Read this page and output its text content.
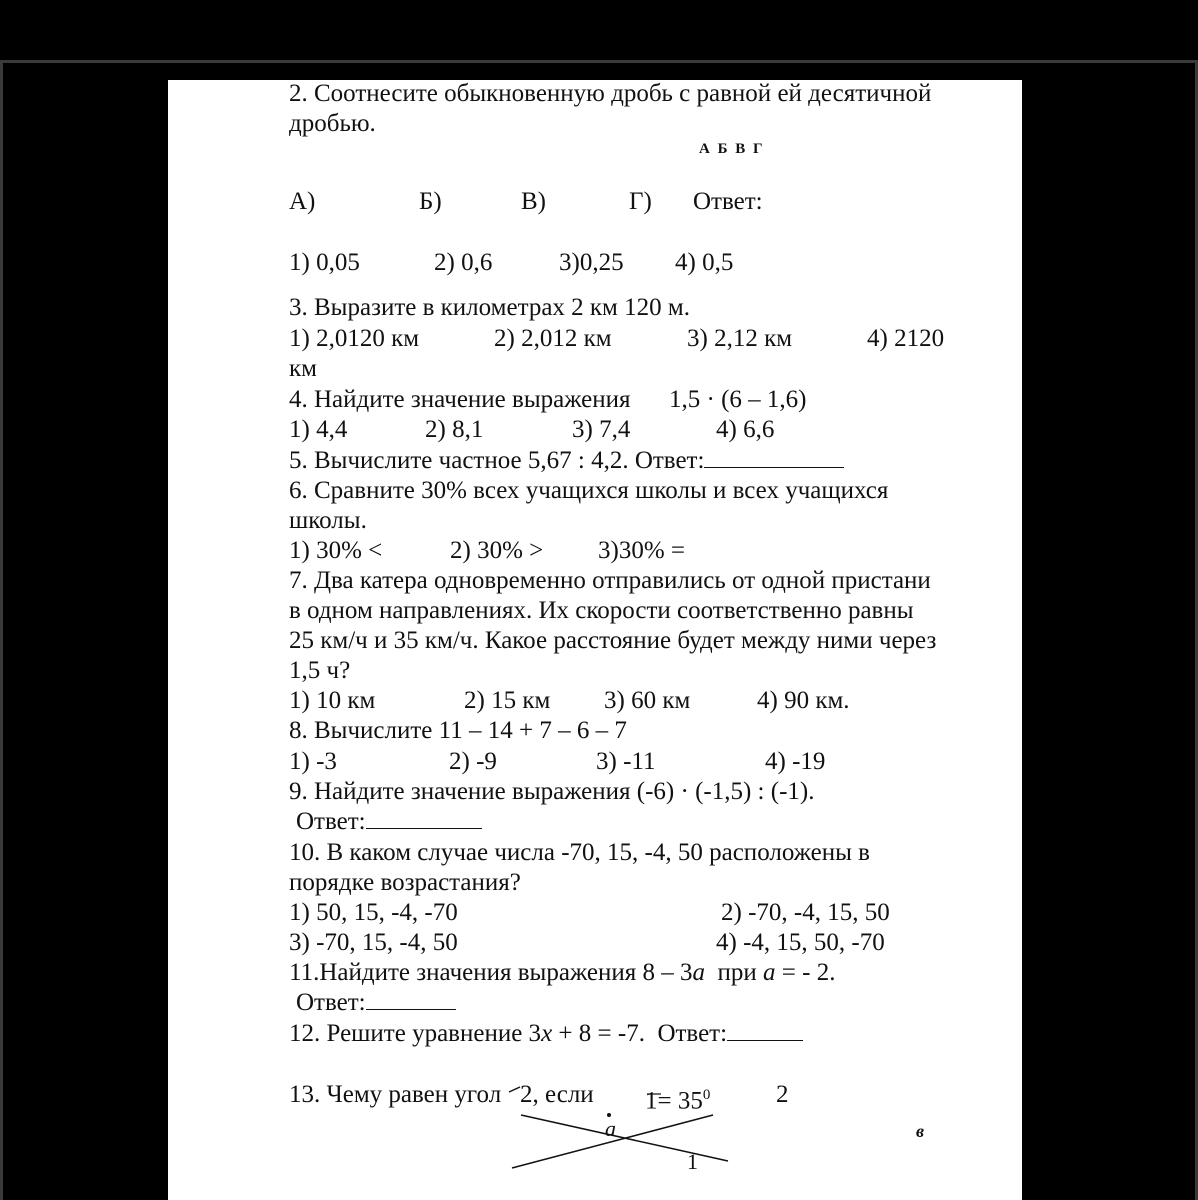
2. Соотнесите обыкновенную дробь с равной ей десятичной
дробью.
А Б В Г
А)	Б)	В)	Г) Ответ:
1) 0,05	2) 0,6	3)0,25 4) 0,5
3. Выразите в километрах 2 км 120 м.
1) 2,0120 км	2) 2,012 км	3) 2,12 км	4) 2120
км
4. Найдите значение выражения 1,5 · (6 – 1,6)
1) 4,4	2) 8,1	3) 7,4	4) 6,6
5. Вычислите частное 5,67 : 4,2. Ответ:
6. Сравните 30% всех учащихся школы и всех учащихся
школы.
1) 30% <	2) 30% > 3)30% =
7. Два катера одновременно отправились от одной пристани
в одном направлениях. Их скорости соответственно равны
25 км/ч и 35 км/ч. Какое расстояние будет между ними через
1,5 ч?
1) 10 км	2) 15 км 3) 60 км	4) 90 км.
8. Вычислите 11 – 14 + 7 – 6 – 7
1) -3	2) -9	3) -11	4) -19
9. Найдите значение выражения (-6) · (-1,5) : (-1).
Ответ:
10. В каком случае числа -70, 15, -4, 50 расположены в
порядке возрастания?
1) 50, 15, -4, -70	2) -70, -4, 15, 50
3) -70, 15, -4, 50	4) -4, 15, 50, -70
11.Найдите значения выражения 8 – 3а  при а = - 2.
Ответ:
12. Решите уравнение 3x + 8 = -7.  Ответ:
13. Чему равен угол 2, если $1= 35^0$	2
а	в
1
